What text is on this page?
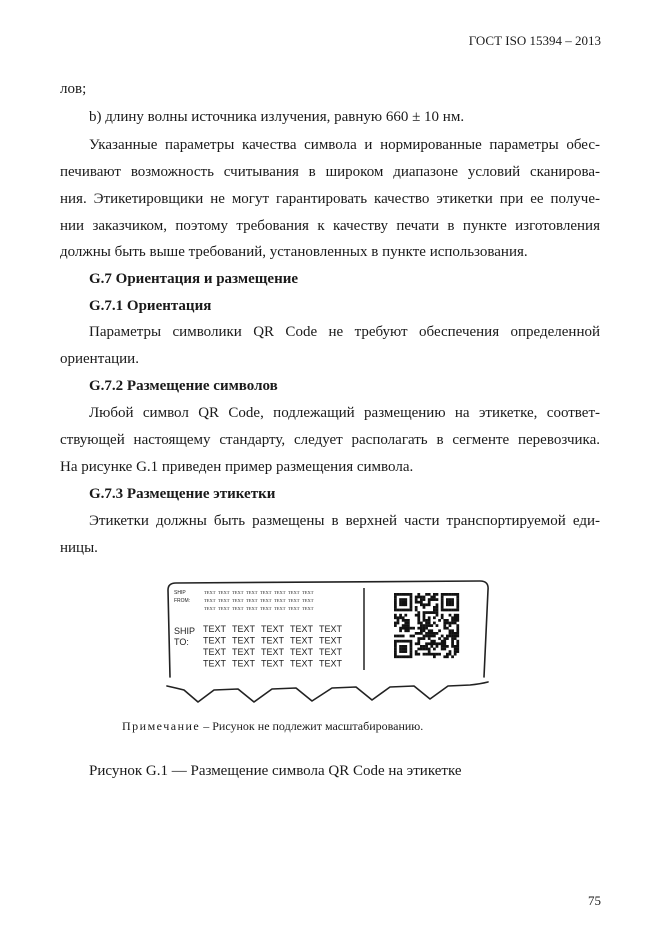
ГОСТ ISO 15394 – 2013
лов;
b) длину волны источника излучения, равную 660 ± 10 нм.
Указанные параметры качества символа и нормированные параметры обес-
печивают возможность считывания в широком диапазоне условий сканирова-
ния. Этикетировщики не могут гарантировать качество этикетки при ее получе-
нии заказчиком, поэтому требования к качеству печати в пункте изготовления
должны быть выше требований, установленных в пункте использования.
G.7 Ориентация и размещение
G.7.1 Ориентация
Параметры символики QR Code не требуют обеспечения определенной
ориентации.
G.7.2 Размещение символов
Любой символ QR Code, подлежащий размещению на этикетке, соответ-
ствующей настоящему стандарту, следует располагать в сегменте перевозчика.
На рисунке G.1 приведен пример размещения символа.
G.7.3 Размещение этикетки
Этикетки должны быть размещены в верхней части транспортируемой еди-
ницы.
SHIP FROM:
TEXT TEXT TEXT TEXT TEXT TEXT TEXT TEXT
TEXT TEXT TEXT TEXT TEXT TEXT TEXT TEXT
TEXT TEXT TEXT TEXT TEXT TEXT TEXT TEXT
SHIP TO:
TEXT TEXT TEXT TEXT TEXT
TEXT TEXT TEXT TEXT TEXT
TEXT TEXT TEXT TEXT TEXT
TEXT TEXT TEXT TEXT TEXT
Примечание – Рисунок не подлежит масштабированию.
Рисунок G.1 — Размещение символа QR Code на этикетке
75
